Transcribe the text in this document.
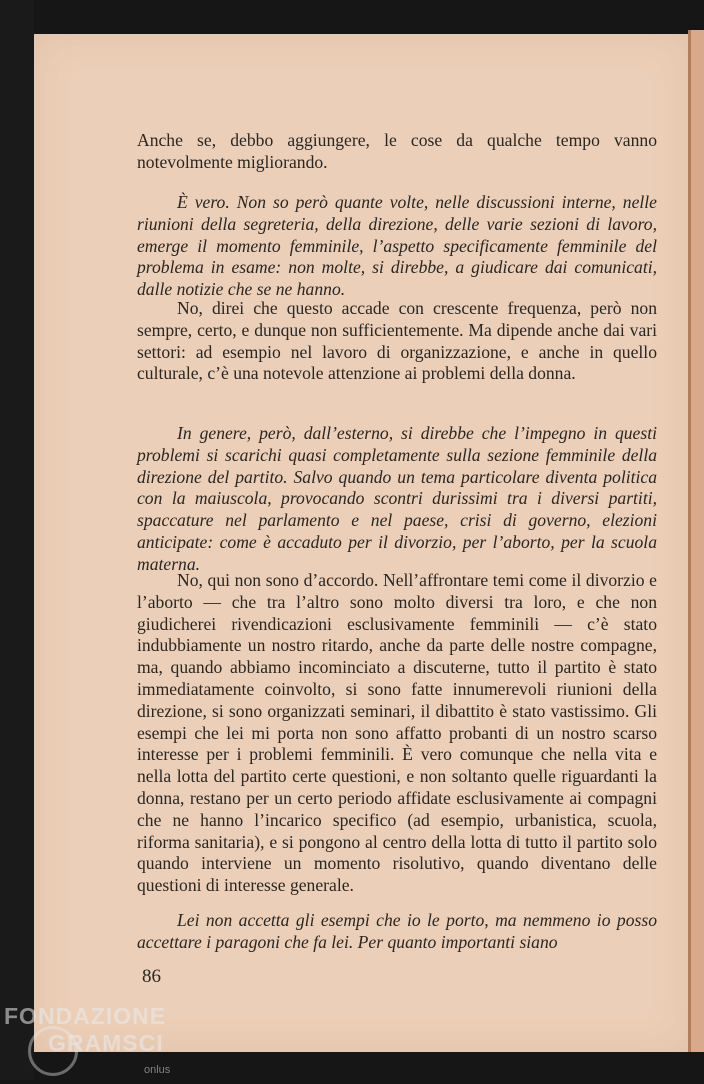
Anche se, debbo aggiungere, le cose da qualche tempo vanno notevolmente migliorando.

È vero. Non so però quante volte, nelle discussioni interne, nelle riunioni della segreteria, della direzione, delle varie sezioni di lavoro, emerge il momento femminile, l’aspetto specificamente femminile del problema in esame: non molte, si direbbe, a giudicare dai comunicati, dalle notizie che se ne hanno.

No, direi che questo accade con crescente frequenza, però non sempre, certo, e dunque non sufficientemente. Ma dipende anche dai vari settori: ad esempio nel lavoro di organizzazione, e anche in quello culturale, c’è una notevole attenzione ai problemi della donna.

In genere, però, dall’esterno, si direbbe che l’impegno in questi problemi si scarichi quasi completamente sulla sezione femminile della direzione del partito. Salvo quando un tema particolare diventa politica con la maiuscola, provocando scontri durissimi tra i diversi partiti, spaccature nel parlamento e nel paese, crisi di governo, elezioni anticipate: come è accaduto per il divorzio, per l’aborto, per la scuola materna.

No, qui non sono d’accordo. Nell’affrontare temi come il divorzio e l’aborto — che tra l’altro sono molto diversi tra loro, e che non giudicherei rivendicazioni esclusivamente femminili — c’è stato indubbiamente un nostro ritardo, anche da parte delle nostre compagne, ma, quando abbiamo incominciato a discuterne, tutto il partito è stato immediatamente coinvolto, si sono fatte innumerevoli riunioni della direzione, si sono organizzati seminari, il dibattito è stato vastissimo. Gli esempi che lei mi porta non sono affatto probanti di un nostro scarso interesse per i problemi femminili. È vero comunque che nella vita e nella lotta del partito certe questioni, e non soltanto quelle riguardanti la donna, restano per un certo periodo affidate esclusivamente ai compagni che ne hanno l’incarico specifico (ad esempio, urbanistica, scuola, riforma sanitaria), e si pongono al centro della lotta di tutto il partito solo quando interviene un momento risolutivo, quando diventano delle questioni di interesse generale.

Lei non accetta gli esempi che io le porto, ma nemmeno io posso accettare i paragoni che fa lei. Per quanto importanti siano

86
FONDAZIONE
GRAMSCI
onlus
